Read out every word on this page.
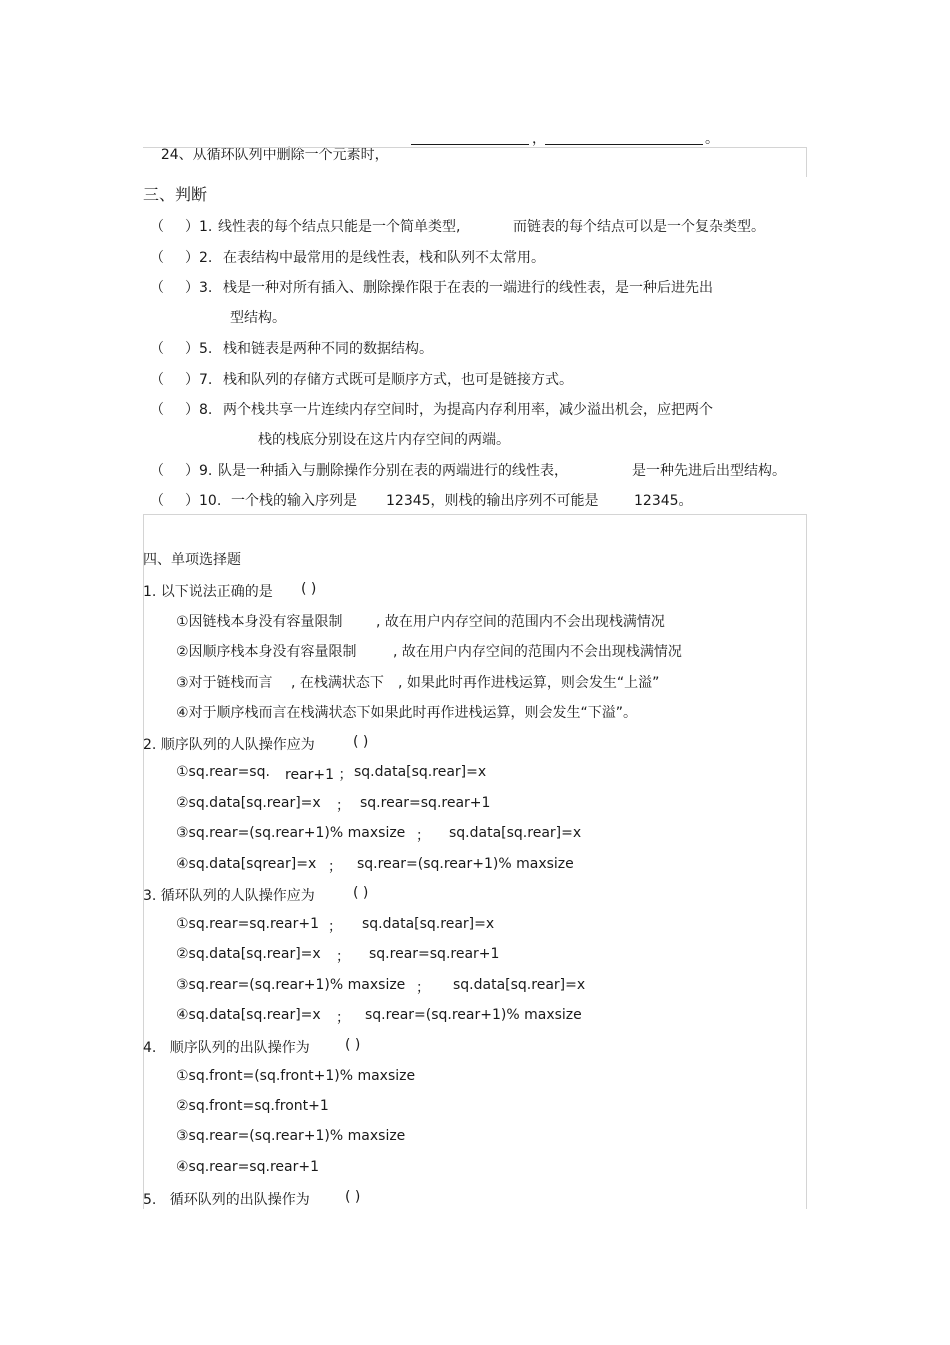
24、从循环队列中删除一个元素时，

，	。
三、判断
（ ）1. 线性表的每个结点只能是一个简单类型,	而链表的每个结点可以是一个复杂类型。
（ ）2. 在表结构中最常用的是线性表，栈和队列不太常用。
（ ）3. 栈是一种对所有插入、删除操作限于在表的一端进行的线性表，是一种后进先出
型结构。
（ ）5. 栈和链表是两种不同的数据结构。
（ ）7. 栈和队列的存储方式既可是顺序方式，也可是链接方式。
（ ）8. 两个栈共享一片连续内存空间时，为提高内存利用率，减少溢出机会，应把两个
栈的栈底分别设在这片内存空间的两端。
（ ）9. 队是一种插入与删除操作分别在表的两端进行的线性表，	是一种先进后出型结构。
（ ）10. 一个栈的输入序列是 12345，则栈的输出序列不可能是	12345。
四、单项选择题
1. 以下说法正确的是 ( )
①因链栈本身没有容量限制 , 故在用户内存空间的范围内不会出现栈满情况
②因顺序栈本身没有容量限制	, 故在用户内存空间的范围内不会出现栈满情况
③对于链栈而言 , 在栈满状态下 , 如果此时再作进栈运算，则会发生“上溢”
④对于顺序栈而言在栈满状态下如果此时再作进栈运算，则会发生“下溢”。
2. 顺序队列的人队操作应为	( )
①sq.rear=sq. rear+1 ； sq.data[sq.rear]=x
②sq.data[sq.rear]=x ； sq.rear=sq.rear+1
③sq.rear=(sq.rear+1)% maxsize ； sq.data[sq.rear]=x
④sq.data[sqrear]=x ； sq.rear=(sq.rear+1)% maxsize
3. 循环队列的人队操作应为	( )
①sq.rear=sq.rear+1 ； sq.data[sq.rear]=x
②sq.data[sq.rear]=x ； sq.rear=sq.rear+1
③sq.rear=(sq.rear+1)% maxsize ； sq.data[sq.rear]=x
④sq.data[sq.rear]=x ； sq.rear=(sq.rear+1)% maxsize
4.   顺序队列的出队操作为	( )
①sq.front=(sq.front+1)% maxsize
②sq.front=sq.front+1
③sq.rear=(sq.rear+1)% maxsize
④sq.rear=sq.rear+1
5.   循环队列的出队操作为	( )
